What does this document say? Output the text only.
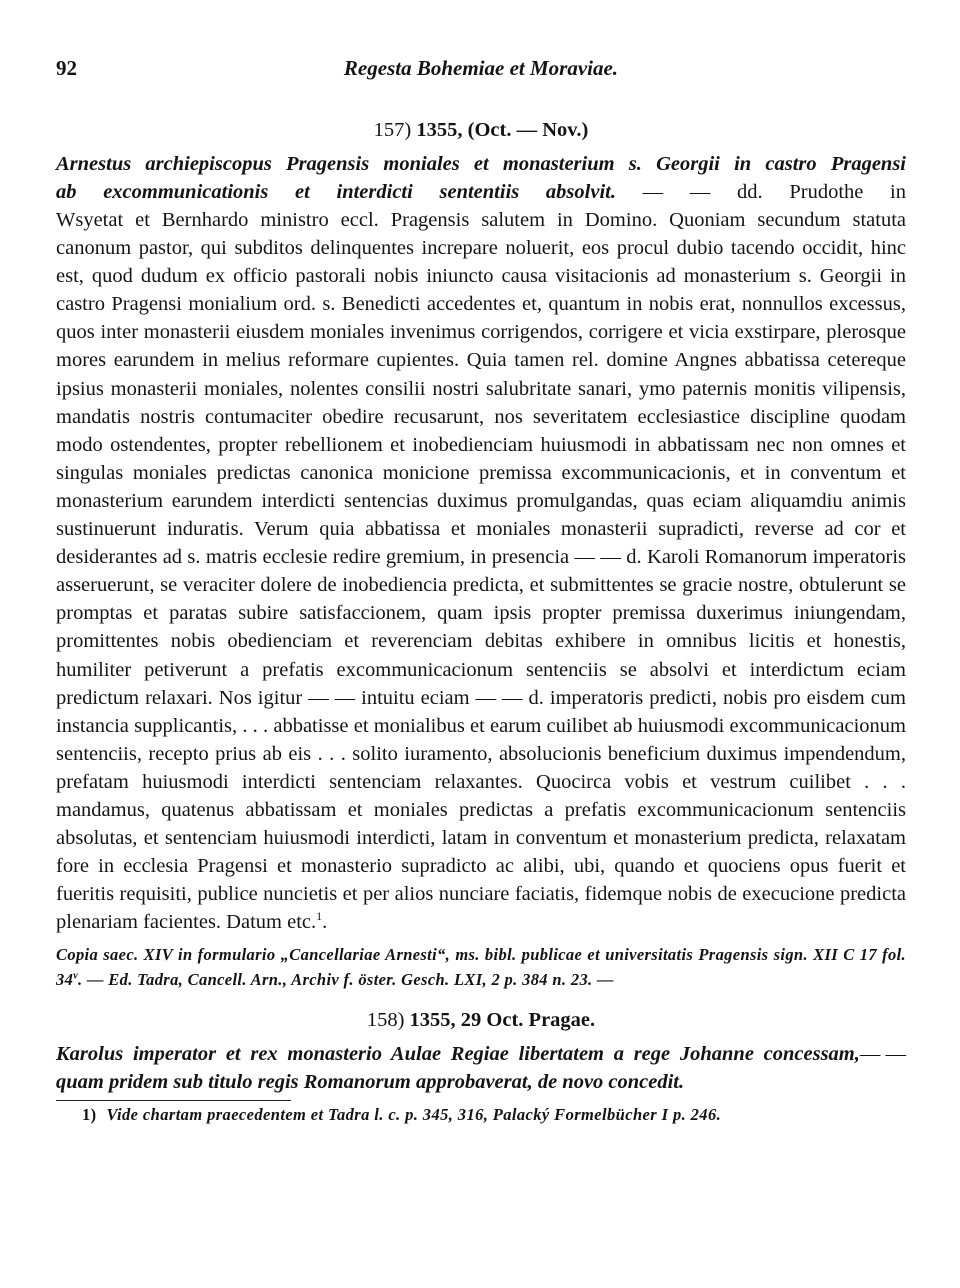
92	Regesta Bohemiae et Moraviae.

157) 1355, (Oct. — Nov.)

Arnestus archiepiscopus Pragensis moniales et monasterium s. Georgii in castro Pragensi

ab excommunicationis et interdicti sententiis absolvit. — — dd. Prudothe in

Wsyetat et Bernhardo ministro eccl. Pragensis salutem in Domino. Quoniam secundum statuta canonum pastor, qui subditos delinquentes increpare noluerit, eos procul dubio tacendo occidit, hinc est, quod dudum ex officio pastorali nobis iniuncto causa visitacionis ad monasterium s. Georgii in castro Pragensi monialium ord. s. Benedicti accedentes et, quantum in nobis erat, nonnullos excessus, quos inter monasterii eiusdem moniales invenimus corrigendos, corrigere et vicia exstirpare, plerosque mores earundem in melius reformare cupientes. Quia tamen rel. domine Angnes abbatissa cetereque ipsius monasterii moniales, nolentes consilii nostri salubritate sanari, ymo paternis monitis vilipensis, mandatis nostris contumaciter obedire recusarunt, nos severitatem ecclesiastice discipline quodam modo ostendentes, propter rebellionem et inobedienciam huiusmodi in abbatissam nec non omnes et singulas moniales predictas canonica monicione premissa excommunicacionis, et in conventum et monasterium earundem interdicti sentencias duximus promulgandas, quas eciam aliquamdiu animis sustinuerunt induratis. Verum quia abbatissa et moniales monasterii supradicti, reverse ad cor et desiderantes ad s. matris ecclesie redire gremium, in presencia — — d. Karoli Romanorum imperatoris asseruerunt, se veraciter dolere de inobediencia predicta, et submittentes se gracie nostre, obtulerunt se promptas et paratas subire satisfaccionem, quam ipsis propter premissa duxerimus iniungendam, promittentes nobis obedienciam et reverenciam debitas exhibere in omnibus licitis et honestis, humiliter petiverunt a prefatis excommunicacionum sentenciis se absolvi et interdictum eciam predictum relaxari. Nos igitur — — intuitu eciam — — d. imperatoris predicti, nobis pro eisdem cum instancia supplicantis, . . . abbatisse et monialibus et earum cuilibet ab huiusmodi excommunicacionum sentenciis, recepto prius ab eis . . . solito iuramento, absolucionis beneficium duximus impendendum, prefatam huiusmodi interdicti sentenciam relaxantes. Quocirca vobis et vestrum cuilibet . . . mandamus, quatenus abbatissam et moniales predictas a prefatis excommunicacionum sentenciis absolutas, et sentenciam huiusmodi interdicti, latam in conventum et monasterium predicta, relaxatam fore in ecclesia Pragensi et monasterio supradicto ac alibi, ubi, quando et quociens opus fuerit et fueritis requisiti, publice nuncietis et per alios nunciare faciatis, fidemque nobis de execucione predicta plenariam facientes. Datum etc.$^1$.

Copia saec. XIV in formulario „Cancellariae Arnesti“, ms. bibl. publicae et universitatis Pragensis sign. XII C 17 fol. 34$^v$. — Ed. Tadra, Cancell. Arn., Archiv f. öster. Gesch. LXI, 2 p. 384 n. 23. —

158) 1355, 29 Oct. Pragae.

— —
Karolus imperator et rex monasterio Aulae Regiae libertatem a rege Johanne concessam, quam pridem sub titulo regis Romanorum approbaverat, de novo concedit.

1) Vide chartam praecedentem et Tadra l. c. p. 345, 316, Palacký Formelbücher I p. 246.
